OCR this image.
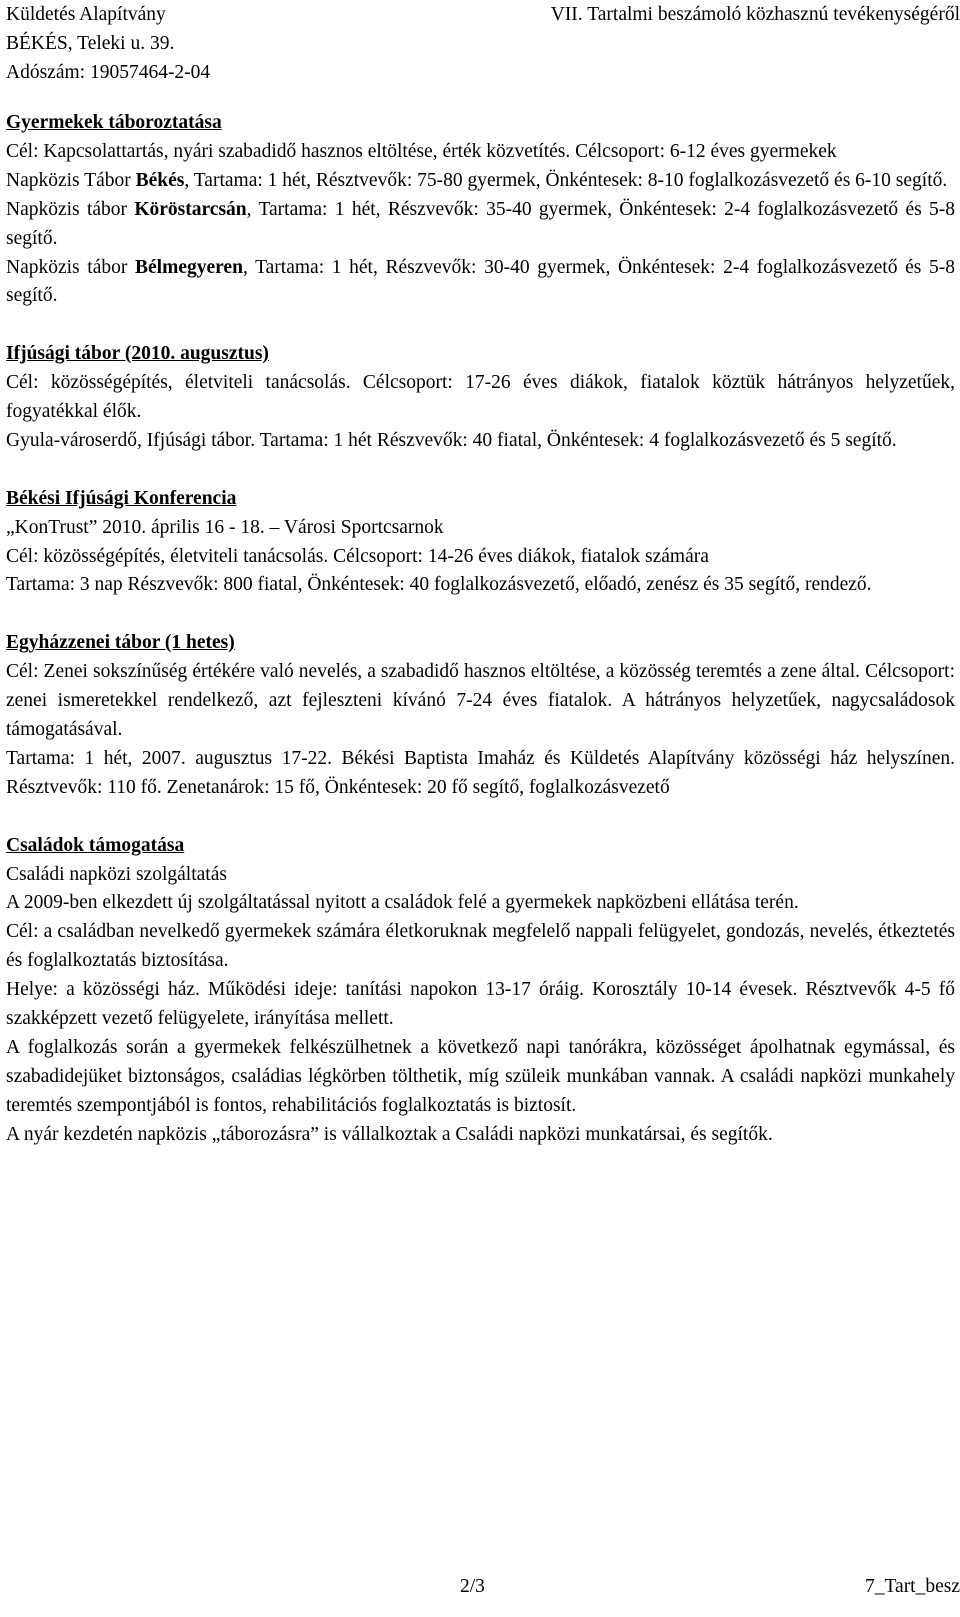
Küldetés Alapítvány
BÉKÉS, Teleki u. 39.
Adószám: 19057464-2-04
VII. Tartalmi beszámoló közhasznú tevékenységéről
Gyermekek táboroztatása
Cél: Kapcsolattartás, nyári szabadidő hasznos eltöltése, érték közvetítés. Célcsoport: 6-12 éves gyermekek
Napközis Tábor Békés, Tartama: 1 hét, Résztvevők: 75-80 gyermek, Önkéntesek: 8-10 foglalkozásvezető és 6-10 segítő.
Napközis tábor Köröstarcsán, Tartama: 1 hét, Részvevők: 35-40 gyermek, Önkéntesek: 2-4 foglalkozásvezető és 5-8 segítő.
Napközis tábor Bélmegyeren, Tartama: 1 hét, Részvevők: 30-40 gyermek, Önkéntesek: 2-4 foglalkozásvezető és 5-8 segítő.
Ifjúsági tábor (2010. augusztus)
Cél: közösségépítés, életviteli tanácsolás. Célcsoport: 17-26 éves diákok, fiatalok köztük hátrányos helyzetűek, fogyatékkal élők.
Gyula-városerdő, Ifjúsági tábor. Tartama: 1 hét Részvevők: 40 fiatal, Önkéntesek: 4 foglalkozásvezető és 5 segítő.
Békési Ifjúsági Konferencia
„KonTrust” 2010. április 16 - 18. – Városi Sportcsarnok
Cél: közösségépítés, életviteli tanácsolás. Célcsoport: 14-26 éves diákok, fiatalok számára
Tartama: 3 nap Részvevők: 800 fiatal, Önkéntesek: 40 foglalkozásvezető, előadó, zenész és 35 segítő, rendező.
Egyházzenei tábor (1 hetes)
Cél: Zenei sokszínűség értékére való nevelés, a szabadidő hasznos eltöltése, a közösség teremtés a zene által. Célcsoport: zenei ismeretekkel rendelkező, azt fejleszteni kívánó 7-24 éves fiatalok. A hátrányos helyzetűek, nagycsaládosok támogatásával.
Tartama: 1 hét, 2007. augusztus 17-22. Békési Baptista Imaház és Küldetés Alapítvány közösségi ház helyszínen. Résztvevők: 110 fő. Zenetanárok: 15 fő, Önkéntesek: 20 fő segítő, foglalkozásvezető
Családok támogatása
Családi napközi szolgáltatás
A 2009-ben elkezdett új szolgáltatással nyitott a családok felé a gyermekek napközbeni ellátása terén.
Cél: a családban nevelkedő gyermekek számára életkoruknak megfelelő nappali felügyelet, gondozás, nevelés, étkeztetés és foglalkoztatás biztosítása.
Helye: a közösségi ház. Működési ideje: tanítási napokon 13-17 óráig. Korosztály 10-14 évesek. Résztvevők 4-5 fő szakképzett vezető felügyelete, irányítása mellett.
A foglalkozás során a gyermekek felkészülhetnek a következő napi tanórákra, közösséget ápolhatnak egymással, és szabadidejüket biztonságos, családias légkörben tölthetik, míg szüleik munkában vannak. A családi napközi munkahely teremtés szempontjából is fontos, rehabilitációs foglalkoztatás is biztosít.
A nyár kezdetén napközis „táborozásra” is vállalkoztak a Családi napközi munkatársai, és segítők.
2/3	7_Tart_besz
